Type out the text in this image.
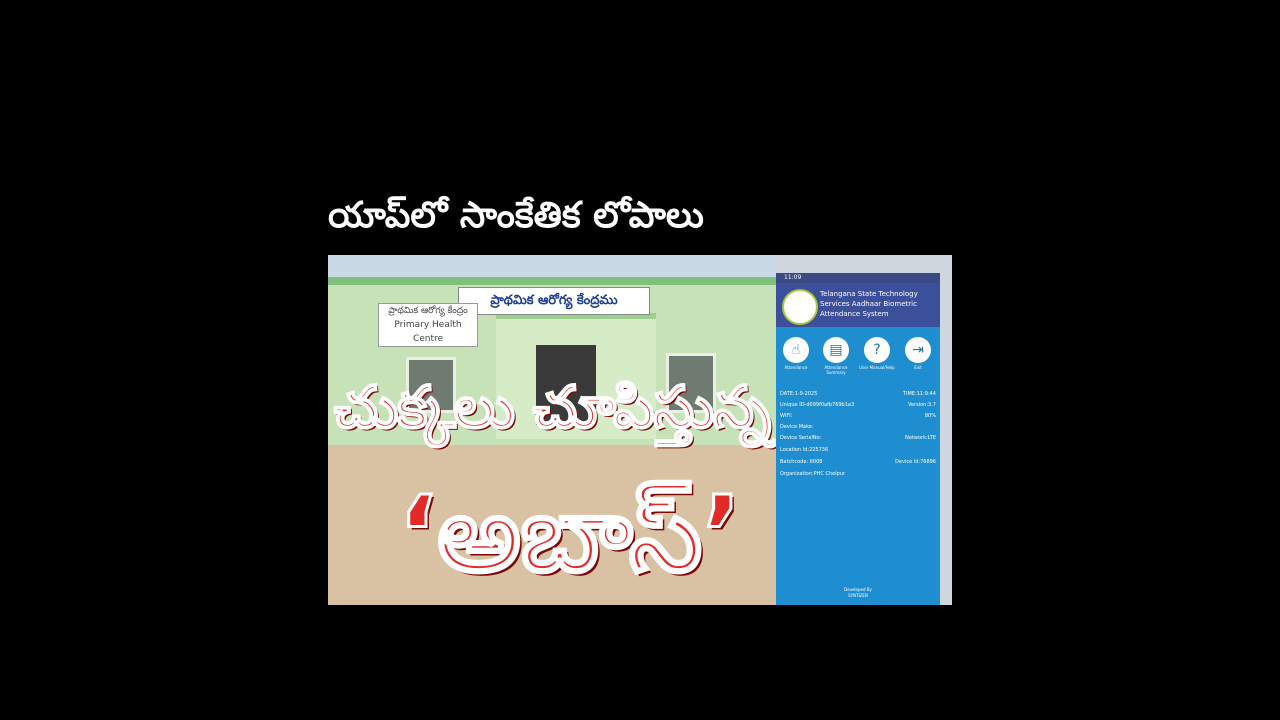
యాప్‌లో సాంకేతిక లోపాలు
ప్రాథమిక ఆరోగ్య కేంద్రము
ప్రాథమిక ఆరోగ్య కేంద్రం
Primary Health Centre
చుక్కలు చూపిస్తున్న
‘అబాస్’
11:09
Telangana State Technology Services Aadhaar Biometric Attendance System
☝
Attendance
▤
Attendance Summary
?
User Manual/Help
⇥
Exit
DATE:1-9-2025	TIME:11:9:44
Unique ID-d099f0afb769b1a3	Version:3.7
WIFI:	80%
Device Make:
Device SerialNo:	Network:LTE
Location Id:225736
Batchcode: 6008	Device Id:76896
Organization:PHC Chelpur
Developed By
SYNTIZEN
